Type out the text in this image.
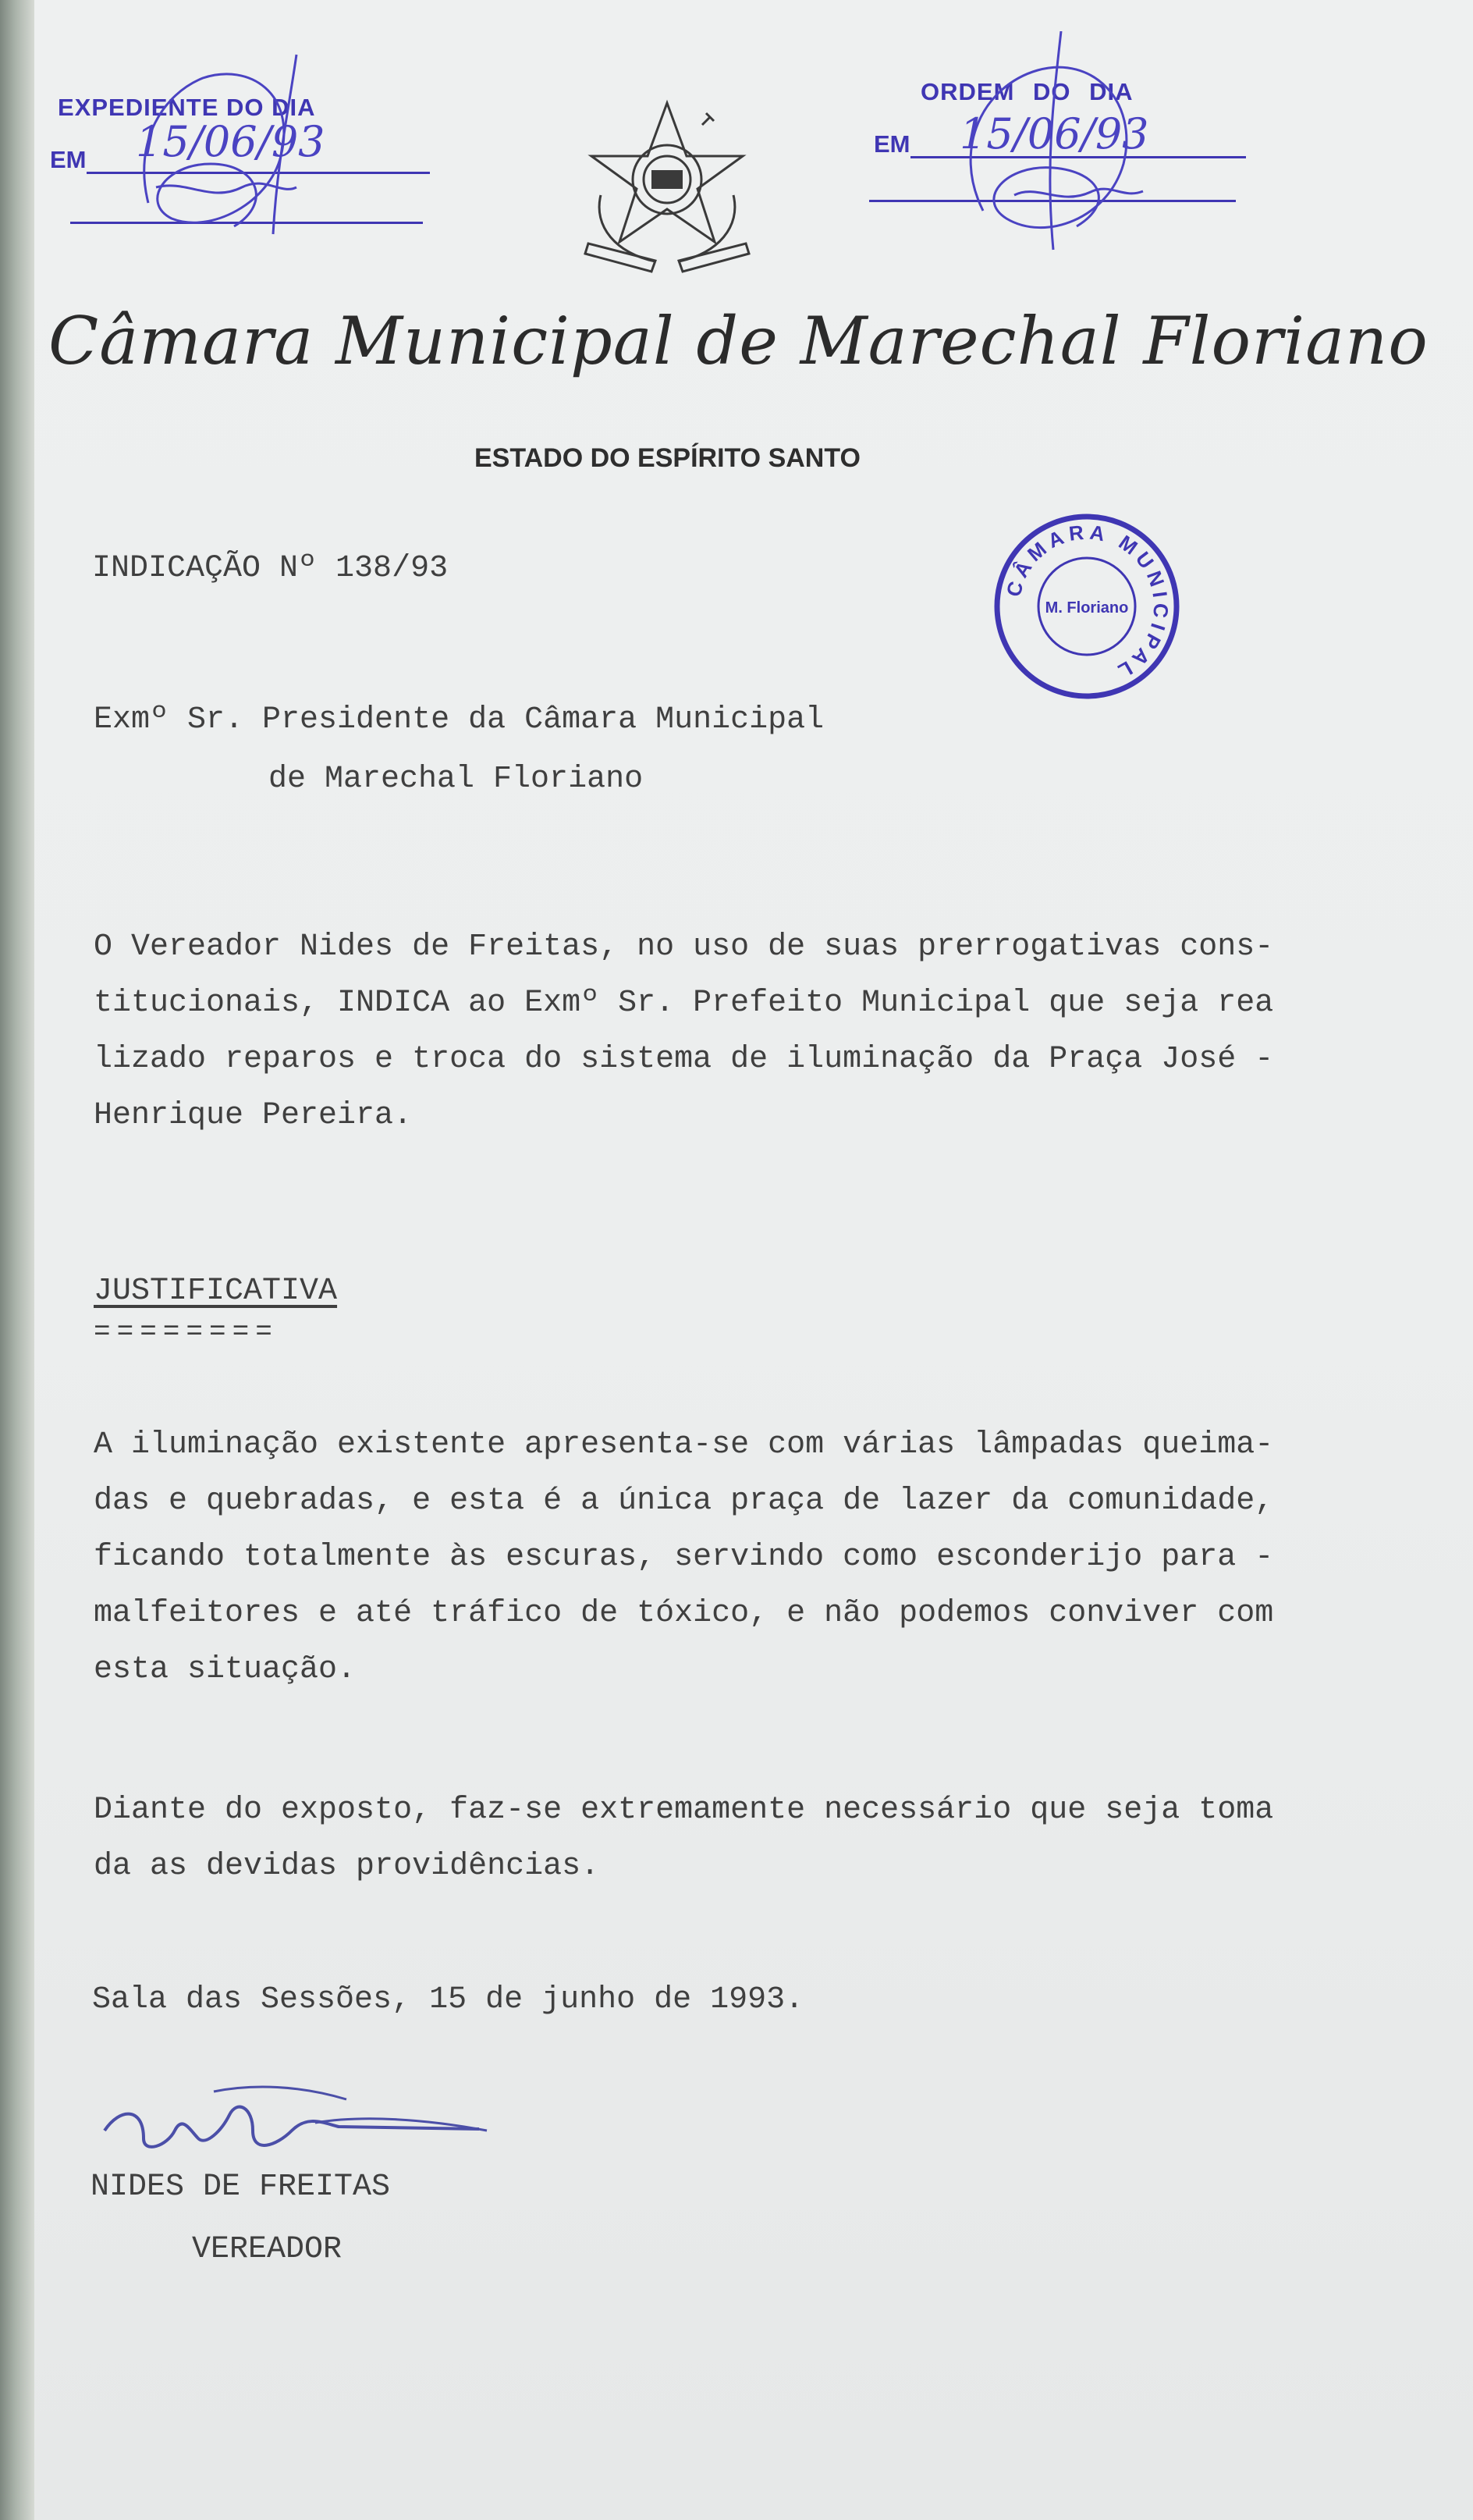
EXPEDIENTE DO DIA
EM 15/06/93
ORDEM DO DIA
EM 15/06/93
Câmara Municipal de Marechal Floriano
ESTADO DO ESPÍRITO SANTO
CÂMARA MUNICIPAL
M. Floriano
INDICAÇÃO Nº 138/93
Exmº Sr. Presidente da Câmara Municipal
de Marechal Floriano
O Vereador Nides de Freitas, no uso de suas prerrogativas cons-
titucionais, INDICA ao Exmº Sr. Prefeito Municipal que seja rea
lizado reparos e troca do sistema de iluminação da Praça José -
Henrique Pereira.
JUSTIFICATIVA
========
A iluminação existente apresenta-se com várias lâmpadas queima-
das e quebradas, e esta é a única praça de lazer da comunidade,
ficando totalmente às escuras, servindo como esconderijo para -
malfeitores e até tráfico de tóxico, e não podemos conviver com
esta situação.
Diante do exposto, faz-se extremamente necessário que seja toma
da as devidas providências.
Sala das Sessões, 15 de junho de 1993.
NIDES DE FREITAS
VEREADOR
